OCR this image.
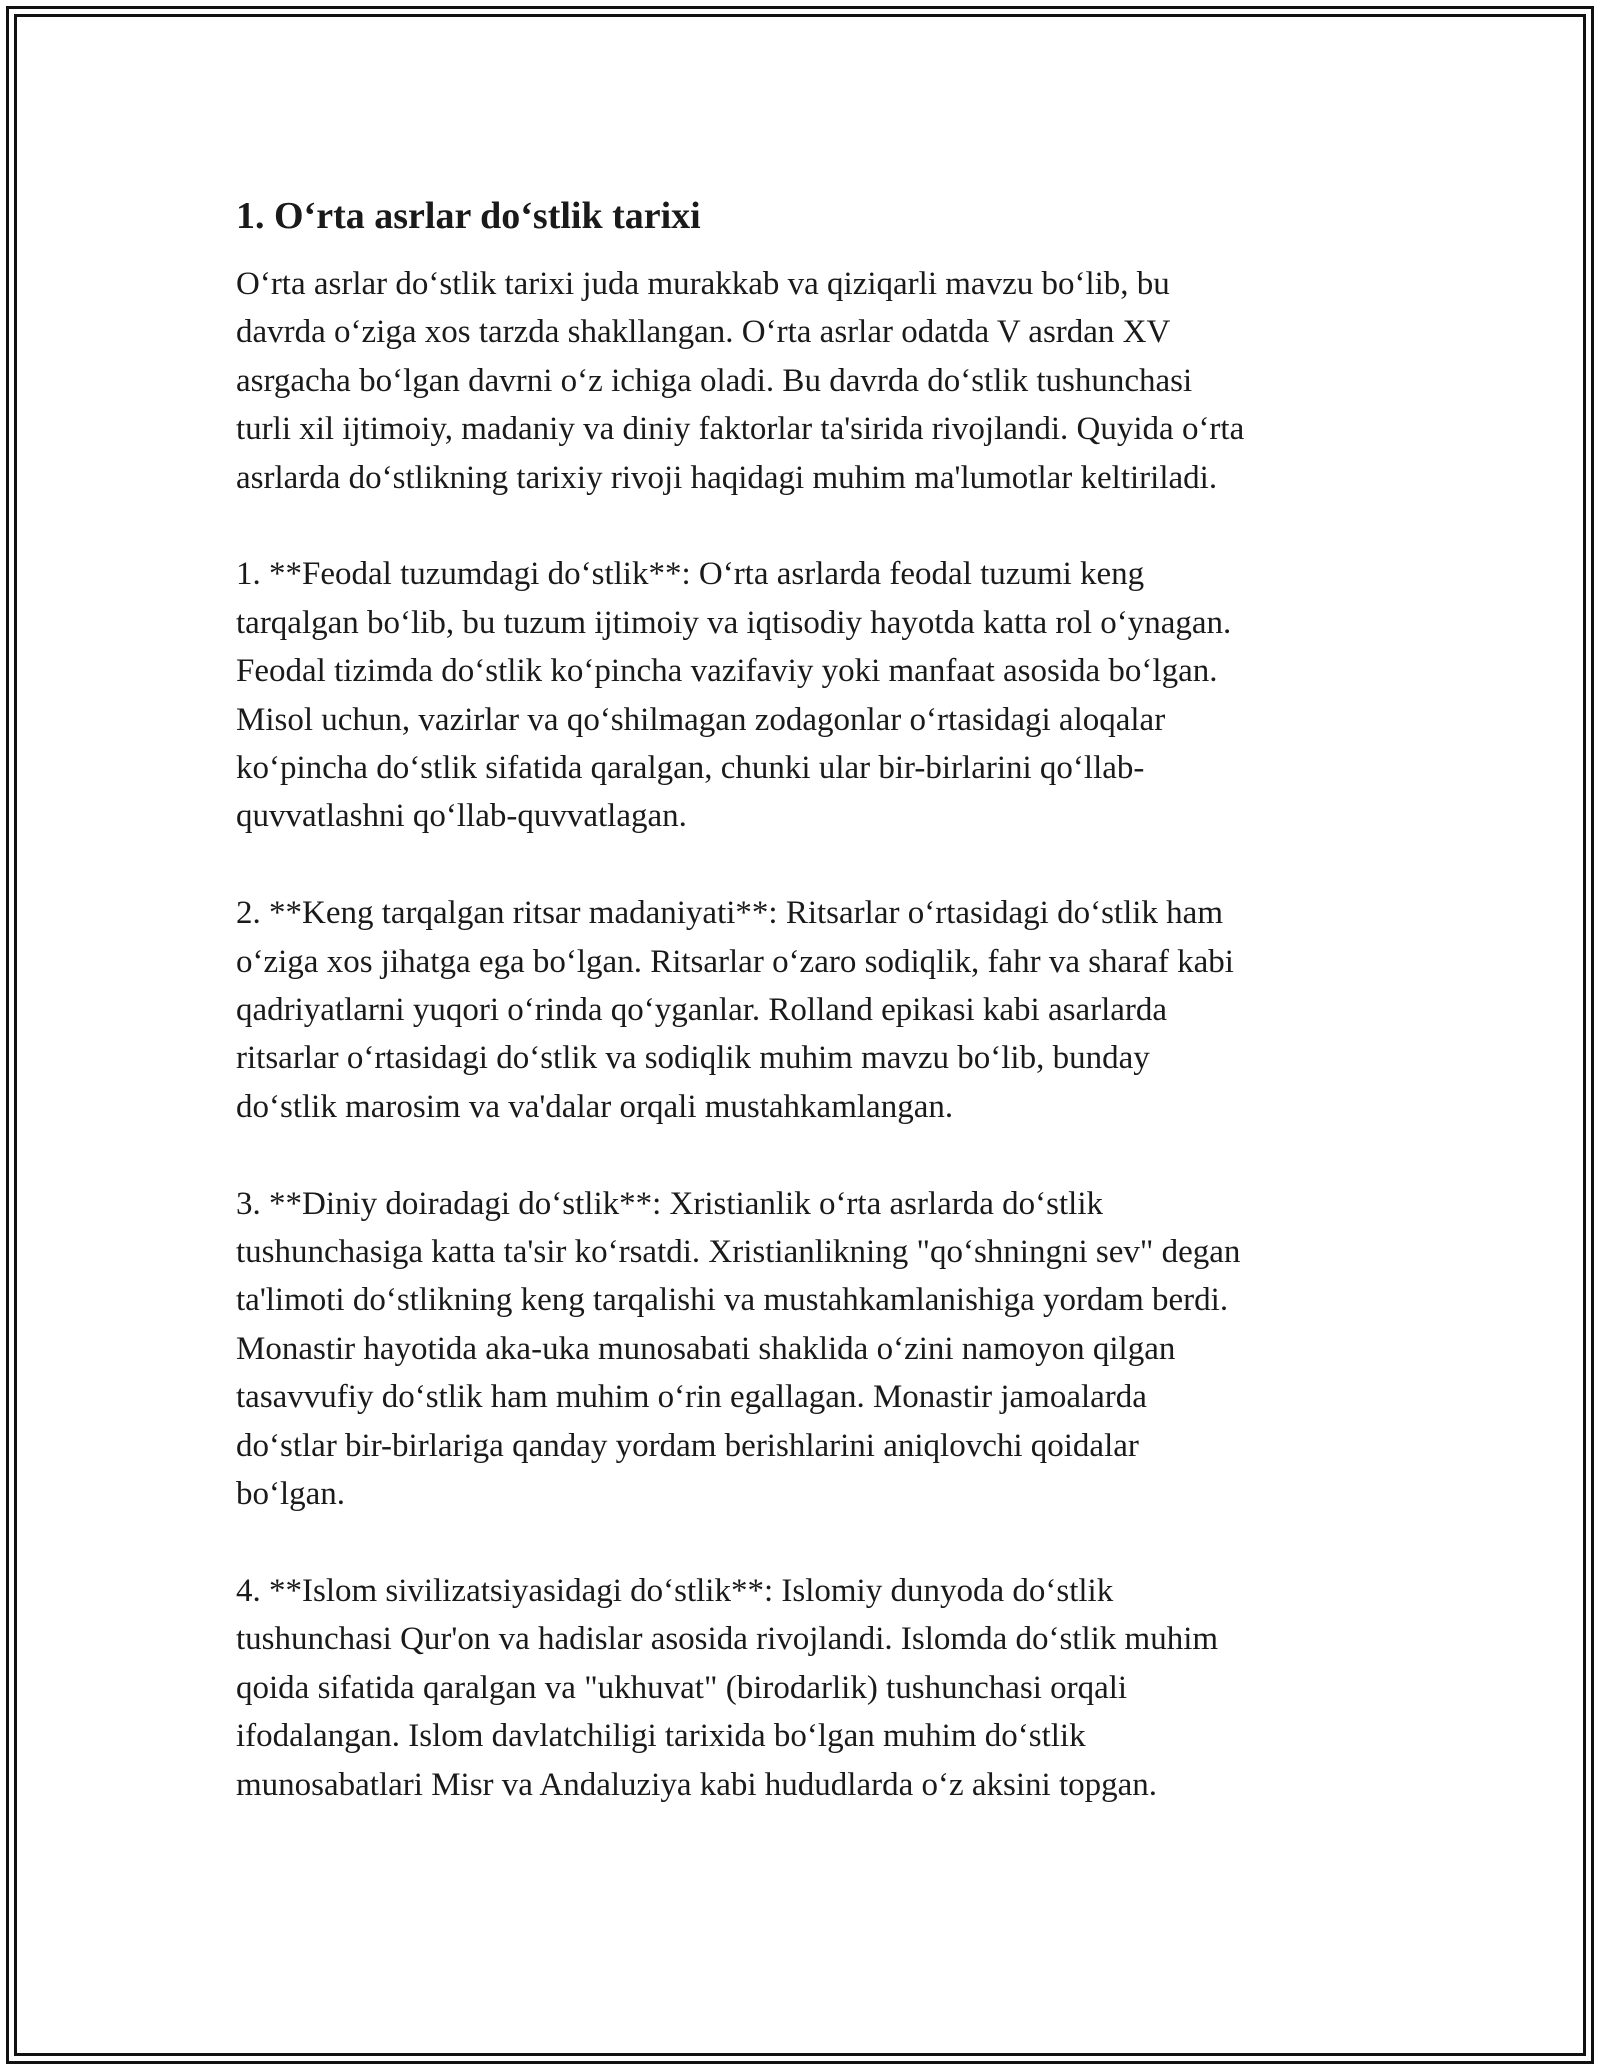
1. O‘rta asrlar do‘stlik tarixi
O‘rta asrlar do‘stlik tarixi juda murakkab va qiziqarli mavzu bo‘lib, bu
davrda o‘ziga xos tarzda shakllangan. O‘rta asrlar odatda V asrdan XV
asrgacha bo‘lgan davrni o‘z ichiga oladi. Bu davrda do‘stlik tushunchasi
turli xil ijtimoiy, madaniy va diniy faktorlar ta'sirida rivojlandi. Quyida o‘rta
asrlarda do‘stlikning tarixiy rivoji haqidagi muhim ma'lumotlar keltiriladi.
1. **Feodal tuzumdagi do‘stlik**: O‘rta asrlarda feodal tuzumi keng
tarqalgan bo‘lib, bu tuzum ijtimoiy va iqtisodiy hayotda katta rol o‘ynagan.
Feodal tizimda do‘stlik ko‘pincha vazifaviy yoki manfaat asosida bo‘lgan.
Misol uchun, vazirlar va qo‘shilmagan zodagonlar o‘rtasidagi aloqalar
ko‘pincha do‘stlik sifatida qaralgan, chunki ular bir-birlarini qo‘llab-
quvvatlashni qo‘llab-quvvatlagan.
2. **Keng tarqalgan ritsar madaniyati**: Ritsarlar o‘rtasidagi do‘stlik ham
o‘ziga xos jihatga ega bo‘lgan. Ritsarlar o‘zaro sodiqlik, fahr va sharaf kabi
qadriyatlarni yuqori o‘rinda qo‘yganlar. Rolland epikasi kabi asarlarda
ritsarlar o‘rtasidagi do‘stlik va sodiqlik muhim mavzu bo‘lib, bunday
do‘stlik marosim va va'dalar orqali mustahkamlangan.
3. **Diniy doiradagi do‘stlik**: Xristianlik o‘rta asrlarda do‘stlik
tushunchasiga katta ta'sir ko‘rsatdi. Xristianlikning "qo‘shningni sev" degan
ta'limoti do‘stlikning keng tarqalishi va mustahkamlanishiga yordam berdi.
Monastir hayotida aka-uka munosabati shaklida o‘zini namoyon qilgan
tasavvufiy do‘stlik ham muhim o‘rin egallagan. Monastir jamoalarda
do‘stlar bir-birlariga qanday yordam berishlarini aniqlovchi qoidalar
bo‘lgan.
4. **Islom sivilizatsiyasidagi do‘stlik**: Islomiy dunyoda do‘stlik
tushunchasi Qur'on va hadislar asosida rivojlandi. Islomda do‘stlik muhim
qoida sifatida qaralgan va "ukhuvat" (birodarlik) tushunchasi orqali
ifodalangan. Islom davlatchiligi tarixida bo‘lgan muhim do‘stlik
munosabatlari Misr va Andaluziya kabi hududlarda o‘z aksini topgan.
